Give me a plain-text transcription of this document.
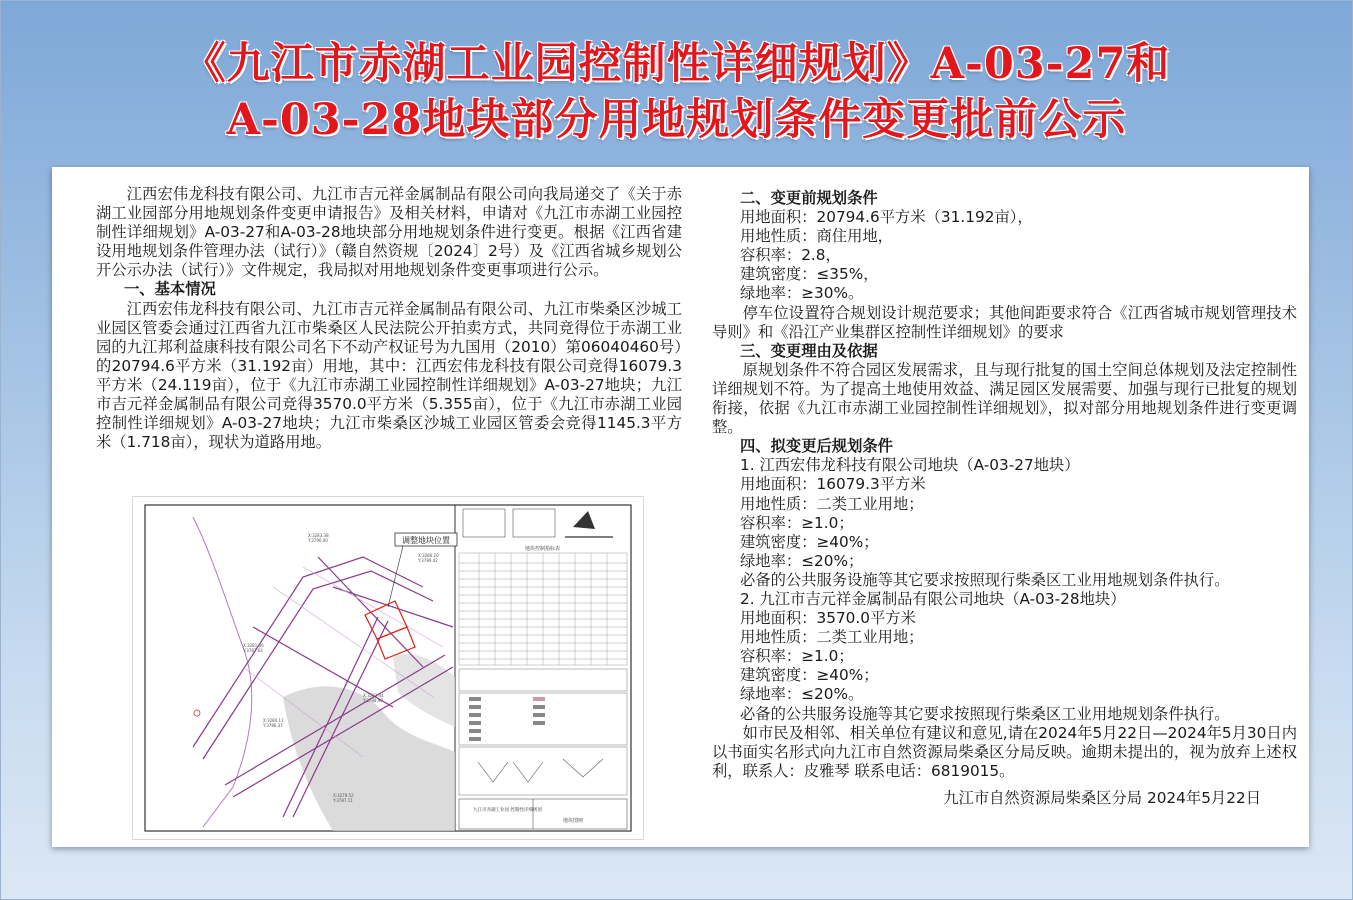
《九江市赤湖工业园控制性详细规划》A-03-27和
A-03-28地块部分用地规划条件变更批前公示

江西宏伟龙科技有限公司、九江市吉元祥金属制品有限公司向我局递交了《关于赤湖工业园部分用地规划条件变更申请报告》及相关材料，申请对《九江市赤湖工业园控制性详细规划》A-03-27和A-03-28地块部分用地规划条件进行变更。根据《江西省建设用地规划条件管理办法（试行）》（赣自然资规〔2024〕2号）及《江西省城乡规划公开公示办法（试行）》文件规定，我局拟对用地规划条件变更事项进行公示。

一、基本情况

江西宏伟龙科技有限公司、九江市吉元祥金属制品有限公司、九江市柴桑区沙城工业园区管委会通过江西省九江市柴桑区人民法院公开拍卖方式，共同竞得位于赤湖工业园的九江邦利益康科技有限公司名下不动产权证号为九国用（2010）第06040460号）的20794.6平方米（31.192亩）用地，其中：江西宏伟龙科技有限公司竞得16079.3平方米（24.119亩），位于《九江市赤湖工业园控制性详细规划》A-03-27地块；九江市吉元祥金属制品有限公司竞得3570.0平方米（5.355亩），位于《九江市赤湖工业园控制性详细规划》A-03-27地块；九江市柴桑区沙城工业园区管委会竞得1145.3平方米（1.718亩），现状为道路用地。

调整地块位置
X:3283.38
Y:3790.00
X:3286.20
Y:3789.42
X:3281.06
Y:3787.64
X:3280.11
Y:3786.37
X:3282.44
Y:3788.90
X:3279.52
Y:3787.11
地块控制指标表
九江市赤湖工业园 控制性详细规划
地块图则
二、变更前规划条件
用地面积：20794.6平方米（31.192亩），
用地性质：商住用地，
容积率：2.8，
建筑密度：≤35%，
绿地率：≥30%。

停车位设置符合规划设计规范要求；其他间距要求符合《江西省城市规划管理技术导则》和《沿江产业集群区控制性详细规划》的要求

三、变更理由及依据

原规划条件不符合园区发展需求，且与现行批复的国土空间总体规划及法定控制性详细规划不符。为了提高土地使用效益、满足园区发展需要、加强与现行已批复的规划衔接，依据《九江市赤湖工业园控制性详细规划》，拟对部分用地规划条件进行变更调整。

四、拟变更后规划条件
1. 江西宏伟龙科技有限公司地块（A-03-27地块）
用地面积：16079.3平方米
用地性质：二类工业用地；
容积率：≥1.0；
建筑密度：≥40%；
绿地率：≤20%；
必备的公共服务设施等其它要求按照现行柴桑区工业用地规划条件执行。
2. 九江市吉元祥金属制品有限公司地块（A-03-28地块）
用地面积：3570.0平方米
用地性质：二类工业用地；
容积率：≥1.0；
建筑密度：≥40%；
绿地率：≤20%。
必备的公共服务设施等其它要求按照现行柴桑区工业用地规划条件执行。

如市民及相邻、相关单位有建议和意见,请在2024年5月22日—2024年5月30日内以书面实名形式向九江市自然资源局柴桑区分局反映。逾期未提出的，视为放弃上述权利，联系人：皮雅琴 联系电话：6819015。

九江市自然资源局柴桑区分局 2024年5月22日
